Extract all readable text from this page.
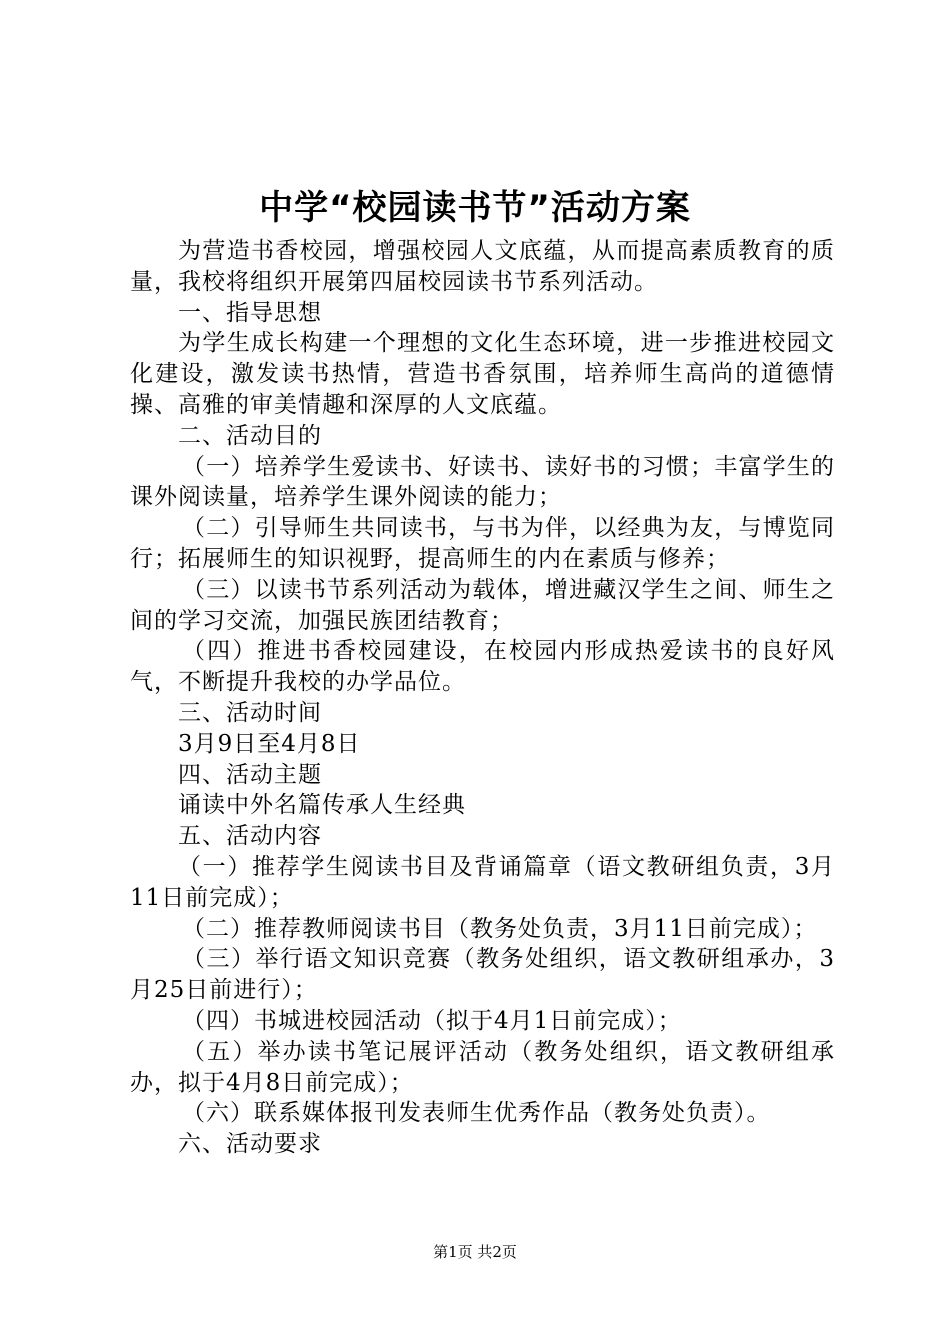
中学“校园读书节”活动方案

为营造书香校园，增强校园人文底蕴，从而提高素质教育的质量，我校将组织开展第四届校园读书节系列活动。

一、指导思想

为学生成长构建一个理想的文化生态环境，进一步推进校园文化建设，激发读书热情，营造书香氛围，培养师生高尚的道德情操、高雅的审美情趣和深厚的人文底蕴。

二、活动目的

（一）培养学生爱读书、好读书、读好书的习惯；丰富学生的课外阅读量，培养学生课外阅读的能力；

（二）引导师生共同读书，与书为伴，以经典为友，与博览同行；拓展师生的知识视野，提高师生的内在素质与修养；

（三）以读书节系列活动为载体，增进藏汉学生之间、师生之间的学习交流，加强民族团结教育；

（四）推进书香校园建设，在校园内形成热爱读书的良好风气，不断提升我校的办学品位。

三、活动时间

3月9日至4月8日

四、活动主题

诵读中外名篇传承人生经典

五、活动内容

（一）推荐学生阅读书目及背诵篇章（语文教研组负责，3月11日前完成）；

（二）推荐教师阅读书目（教务处负责，3月11日前完成）；

（三）举行语文知识竞赛（教务处组织，语文教研组承办，3月25日前进行）；

（四）书城进校园活动（拟于4月1日前完成）；

（五）举办读书笔记展评活动（教务处组织，语文教研组承办，拟于4月8日前完成）；

（六）联系媒体报刊发表师生优秀作品（教务处负责）。

六、活动要求

第1页 共2页
